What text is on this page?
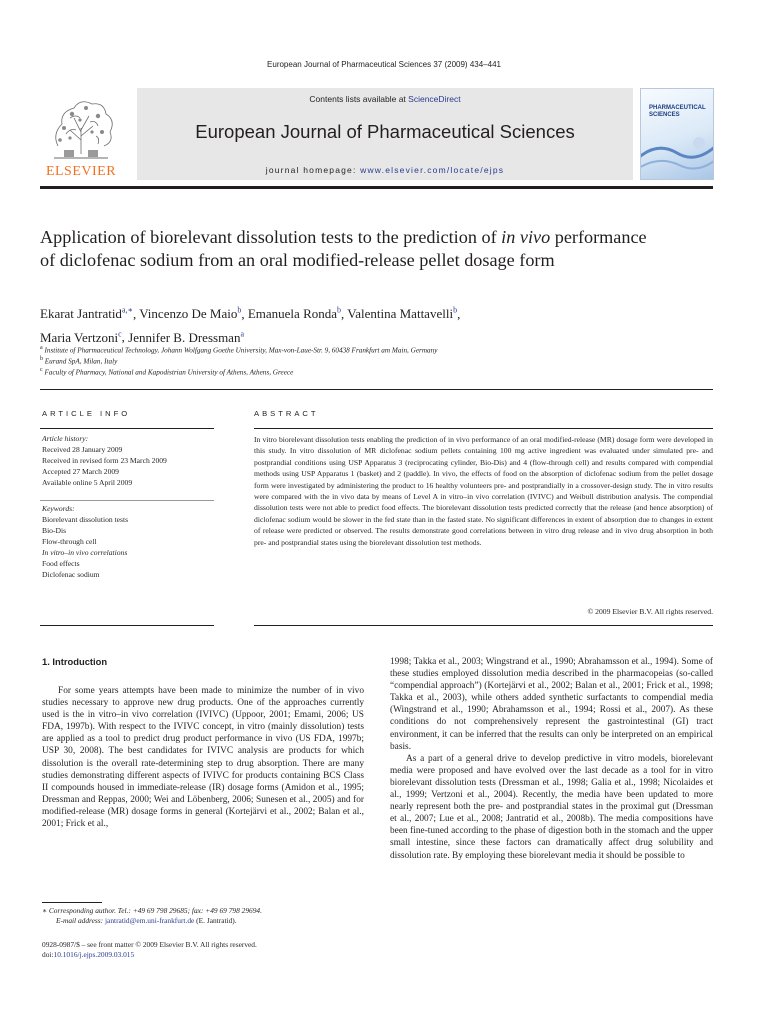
European Journal of Pharmaceutical Sciences 37 (2009) 434–441
ELSEVIER
Contents lists available at ScienceDirect
European Journal of Pharmaceutical Sciences
journal homepage: www.elsevier.com/locate/ejps
PHARMACEUTICAL SCIENCES
Application of biorelevant dissolution tests to the prediction of in vivo performance of diclofenac sodium from an oral modified-release pellet dosage form
Ekarat Jantratid$^{a,∗}$, Vincenzo De Maio$^b$, Emanuela Ronda$^b$, Valentina Mattavelli$^b$,
Maria Vertzoni$^c$, Jennifer B. Dressman$^a$
$^a$ Institute of Pharmaceutical Technology, Johann Wolfgang Goethe University, Max-von-Laue-Str. 9, 60438 Frankfurt am Main, Germany
$^b$ Eurand SpA, Milan, Italy
$^c$ Faculty of Pharmacy, National and Kapodistrian University of Athens, Athens, Greece
ARTICLE INFO
Article history:
Received 28 January 2009
Received in revised form 23 March 2009
Accepted 27 March 2009
Available online 5 April 2009
Keywords:
Biorelevant dissolution tests
Bio-Dis
Flow-through cell
In vitro–in vivo correlations
Food effects
Diclofenac sodium
ABSTRACT
In vitro biorelevant dissolution tests enabling the prediction of in vivo performance of an oral modified-release (MR) dosage form were developed in this study. In vitro dissolution of MR diclofenac sodium pellets containing 100 mg active ingredient was evaluated under simulated pre- and postprandial conditions using USP Apparatus 3 (reciprocating cylinder, Bio-Dis) and 4 (flow-through cell) and results compared with compendial methods using USP Apparatus 1 (basket) and 2 (paddle). In vivo, the effects of food on the absorption of diclofenac sodium from the pellet dosage form were investigated by administering the product to 16 healthy volunteers pre- and postprandially in a crossover-design study. The in vitro results were compared with the in vivo data by means of Level A in vitro–in vivo correlation (IVIVC) and Weibull distribution analysis. The compendial dissolution tests were not able to predict food effects. The biorelevant dissolution tests predicted correctly that the release (and hence absorption) of diclofenac sodium would be slower in the fed state than in the fasted state. No significant differences in extent of absorption due to changes in extent of release were predicted or observed. The results demonstrate good correlations between in vitro drug release and in vivo drug absorption in both pre- and postprandial states using the biorelevant dissolution test methods.
© 2009 Elsevier B.V. All rights reserved.
1. Introduction
For some years attempts have been made to minimize the number of in vivo studies necessary to approve new drug products. One of the approaches currently used is the in vitro–in vivo correlation (IVIVC) (Uppoor, 2001; Emami, 2006; US FDA, 1997b). With respect to the IVIVC concept, in vitro (mainly dissolution) tests are applied as a tool to predict drug product performance in vivo (US FDA, 1997b; USP 30, 2008). The best candidates for IVIVC analysis are products for which dissolution is the overall rate-determining step to drug absorption. There are many studies demonstrating different aspects of IVIVC for products containing BCS Class II compounds housed in immediate-release (IR) dosage forms (Amidon et al., 1995; Dressman and Reppas, 2000; Wei and Löbenberg, 2006; Sunesen et al., 2005) and for modified-release (MR) dosage forms in general (Kortejärvi et al., 2002; Balan et al., 2001; Frick et al.,

1998; Takka et al., 2003; Wingstrand et al., 1990; Abrahamsson et al., 1994). Some of these studies employed dissolution media described in the pharmacopeias (so-called “compendial approach”) (Kortejärvi et al., 2002; Balan et al., 2001; Frick et al., 1998; Takka et al., 2003), while others added synthetic surfactants to compendial media (Wingstrand et al., 1990; Abrahamsson et al., 1994; Rossi et al., 2007). As these conditions do not comprehensively represent the gastrointestinal (GI) tract environment, it can be inferred that the results can only be interpreted on an empirical basis.

As a part of a general drive to develop predictive in vitro models, biorelevant media were proposed and have evolved over the last decade as a tool for in vitro biorelevant dissolution tests (Dressman et al., 1998; Galia et al., 1998; Nicolaides et al., 1999; Vertzoni et al., 2004). Recently, the media have been updated to more nearly represent both the pre- and postprandial states in the proximal gut (Dressman et al., 2007; Lue et al., 2008; Jantratid et al., 2008b). The media compositions have been fine-tuned according to the phase of digestion both in the stomach and the upper small intestine, since these factors can dramatically affect drug solubility and dissolution rate. By employing these biorelevant media it should be possible to

∗ Corresponding author. Tel.: +49 69 798 29685; fax: +49 69 798 29694.
E-mail address: jantratid@em.uni-frankfurt.de (E. Jantratid).
0928-0987/$ – see front matter © 2009 Elsevier B.V. All rights reserved.
doi:10.1016/j.ejps.2009.03.015
